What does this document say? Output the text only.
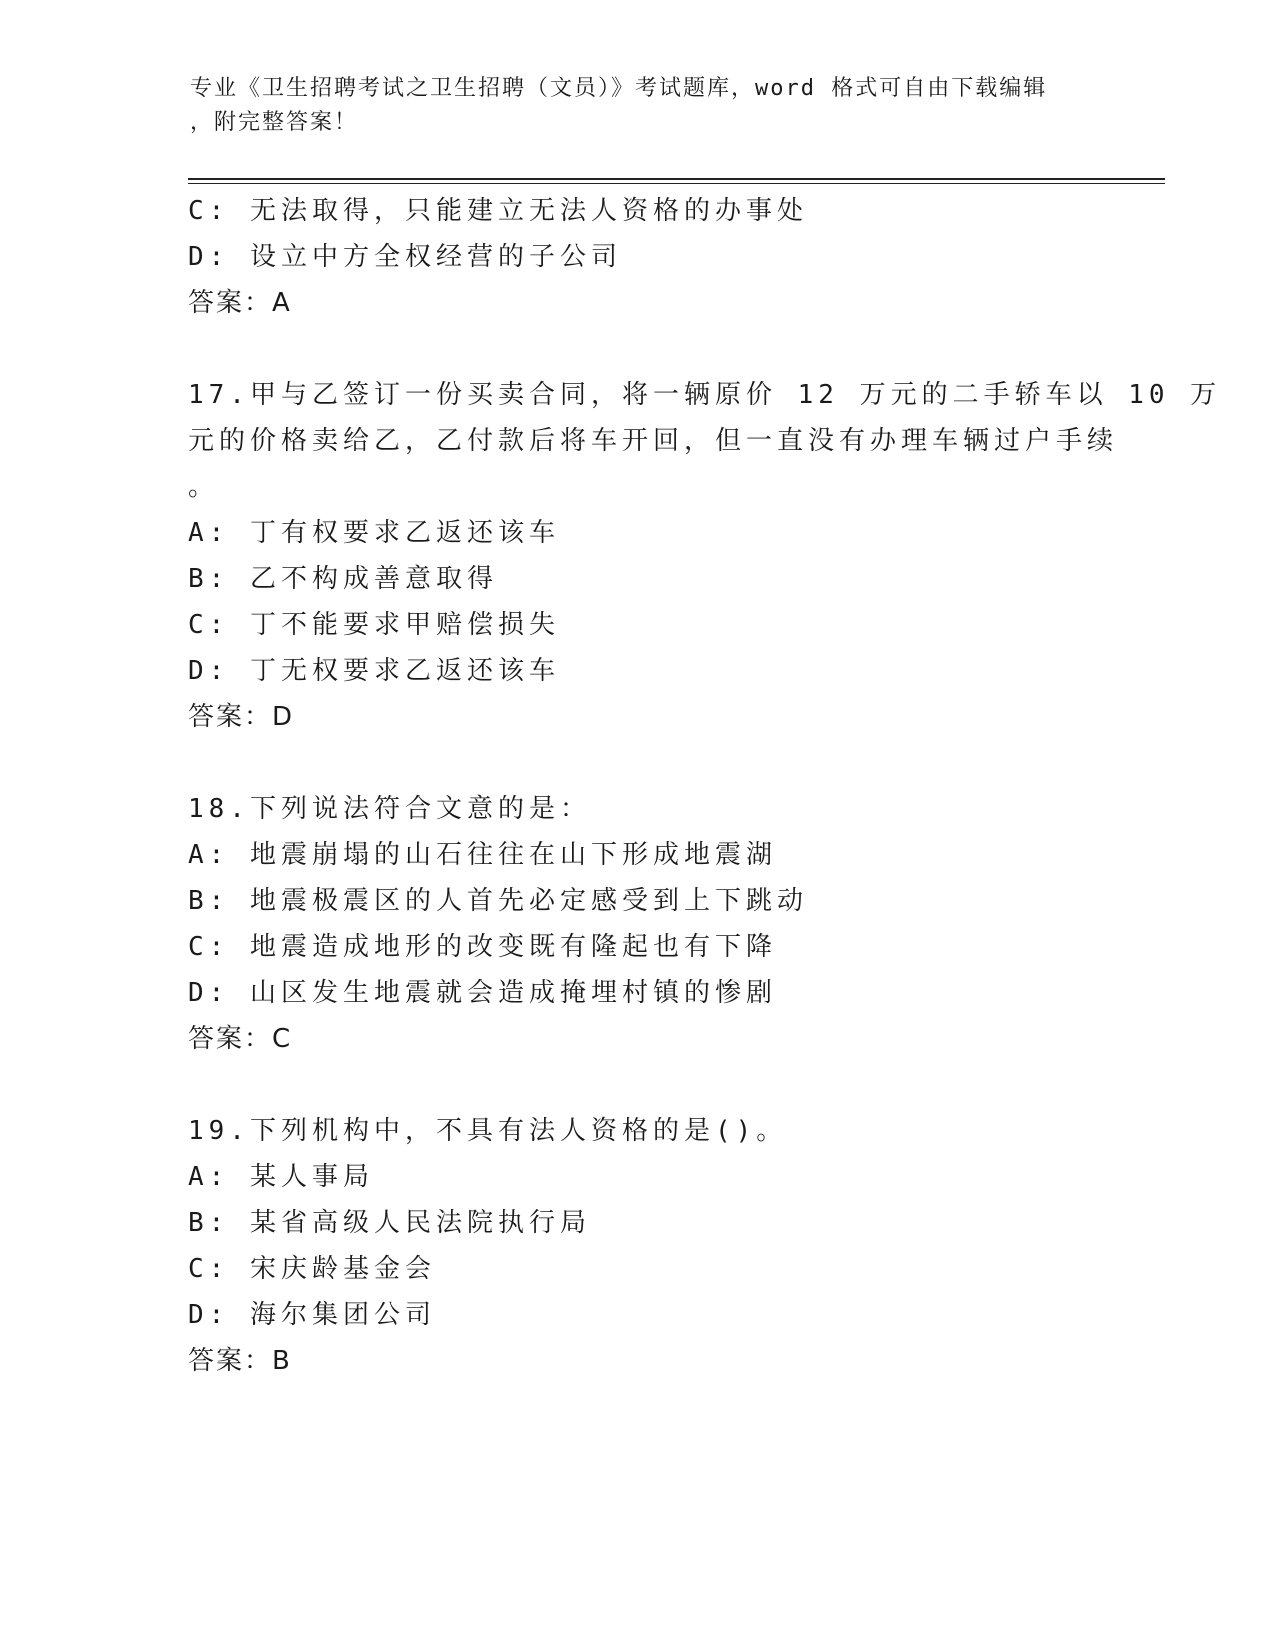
专业《卫生招聘考试之卫生招聘（文员）》考试题库，word 格式可自由下载编辑
，附完整答案！
C: 无法取得，只能建立无法人资格的办事处
D: 设立中方全权经营的子公司
答案：A
17.甲与乙签订一份买卖合同，将一辆原价 12 万元的二手轿车以 10 万
元的价格卖给乙，乙付款后将车开回，但一直没有办理车辆过户手续
。
A: 丁有权要求乙返还该车
B: 乙不构成善意取得
C: 丁不能要求甲赔偿损失
D: 丁无权要求乙返还该车
答案：D
18.下列说法符合文意的是：
A: 地震崩塌的山石往往在山下形成地震湖
B: 地震极震区的人首先必定感受到上下跳动
C: 地震造成地形的改变既有隆起也有下降
D: 山区发生地震就会造成掩埋村镇的惨剧
答案：C
19.下列机构中，不具有法人资格的是()。
A: 某人事局
B: 某省高级人民法院执行局
C: 宋庆龄基金会
D: 海尔集团公司
答案：B
